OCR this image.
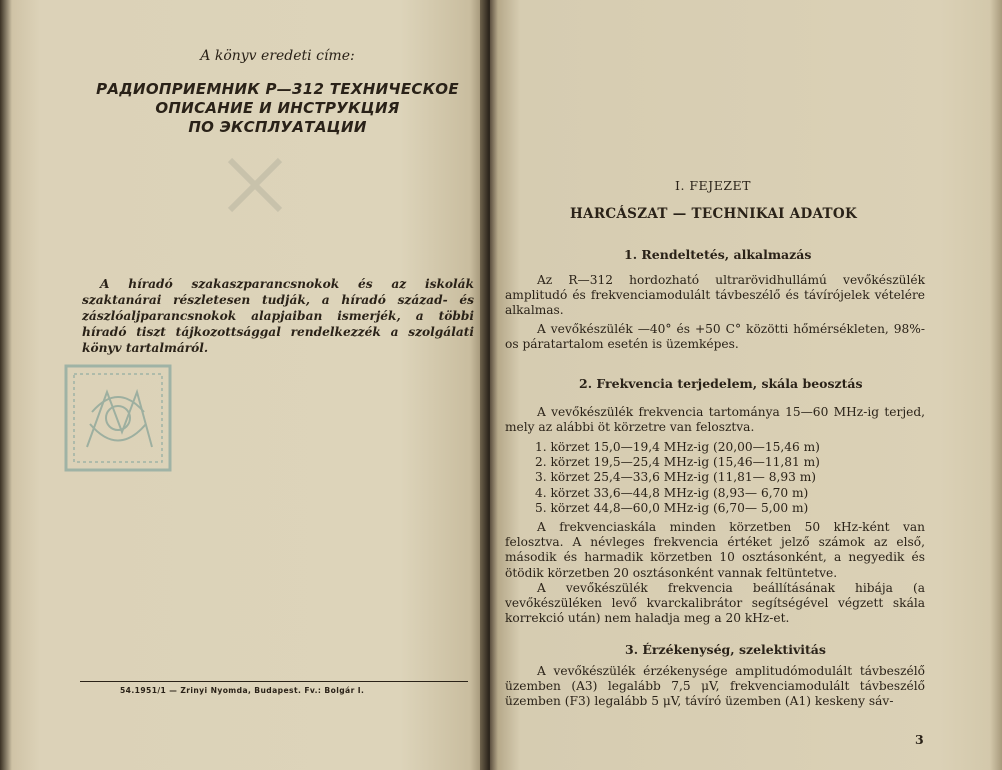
A könyv eredeti címe:
РАДИОПРИЕМНИК Р—312 ТЕХНИЧЕСКОЕ
ОПИСАНИЕ И ИНСТРУКЦИЯ
ПО ЭКСПЛУАТАЦИИ
A híradó szakaszparancsnokok és az iskolák szaktanárai részletesen tudják, a híradó század- és zászlóaljparancsnokok alapjaiban ismerjék, a többi híradó tiszt tájkozottsággal rendelkezzék a szolgálati könyv tartalmáról.
54.1951/1 — Zrinyi Nyomda, Budapest. Fv.: Bolgár I.
I. FEJEZET
HARCÁSZAT — TECHNIKAI ADATOK
1. Rendeltetés, alkalmazás
Az R—312 hordozható ultrarövidhullámú vevőkészülék amplitudó és frekvenciamodulált távbeszélő és távírójelek vételére alkalmas.
A vevőkészülék —40° és +50 C° közötti hőmérsékleten, 98%-os páratartalom esetén is üzemképes.
2. Frekvencia terjedelem, skála beosztás
A vevőkészülék frekvencia tartománya 15—60 MHz-ig terjed, mely az alábbi öt körzetre van felosztva.
1. körzet 15,0—19,4 MHz-ig (20,00—15,46 m)
2. körzet 19,5—25,4 MHz-ig (15,46—11,81 m)
3. körzet 25,4—33,6 MHz-ig (11,81— 8,93 m)
4. körzet 33,6—44,8 MHz-ig (8,93— 6,70 m)
5. körzet 44,8—60,0 MHz-ig (6,70— 5,00 m)
A frekvenciaskála minden körzetben 50 kHz-ként van felosztva. A névleges frekvencia értéket jelző számok az első, második és harmadik körzetben 10 osztásonként, a negyedik és ötödik körzetben 20 osztásonként vannak feltüntetve.
A vevőkészülék frekvencia beállításának hibája (a vevőkészüléken levő kvarckalibrátor segítségével végzett skála korrekció után) nem haladja meg a 20 kHz-et.
3. Érzékenység, szelektivitás
A vevőkészülék érzékenysége amplitudómodulált távbeszélő üzemben (A3) legalább 7,5 μV, frekvenciamodulált távbeszélő üzemben (F3) legalább 5 μV, távíró üzemben (A1) keskeny sáv-
3
